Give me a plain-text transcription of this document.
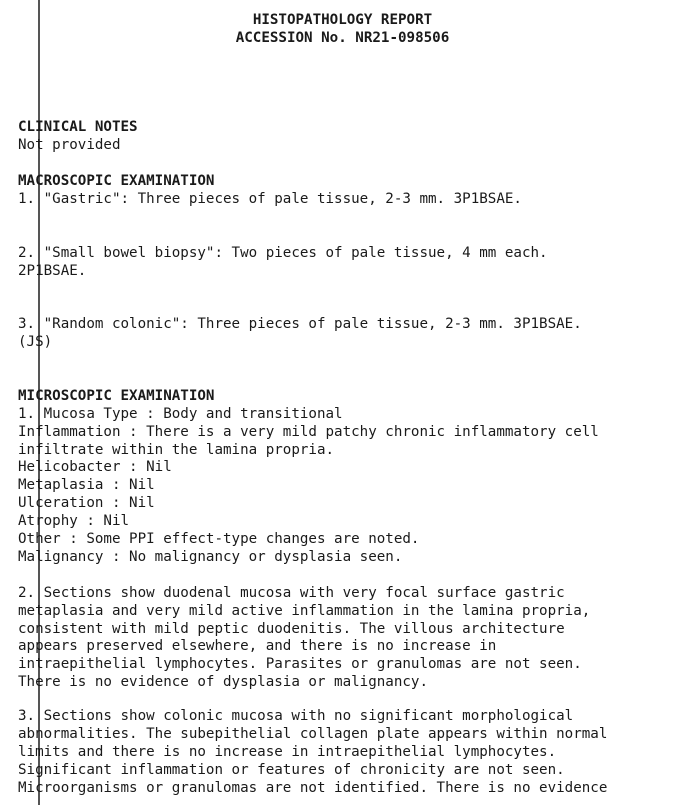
HISTOPATHOLOGY REPORT
ACCESSION No. NR21-098506
CLINICAL NOTES
Not provided
MACROSCOPIC EXAMINATION
1. "Gastric": Three pieces of pale tissue, 2-3 mm. 3P1BSAE.
2. "Small bowel biopsy": Two pieces of pale tissue, 4 mm each.
2P1BSAE.
3. "Random colonic": Three pieces of pale tissue, 2-3 mm. 3P1BSAE.
(JS)
MICROSCOPIC EXAMINATION
1. Mucosa Type : Body and transitional
Inflammation : There is a very mild patchy chronic inflammatory cell
infiltrate within the lamina propria.
Helicobacter : Nil
Metaplasia : Nil
Ulceration : Nil
Atrophy : Nil
Other : Some PPI effect-type changes are noted.
Malignancy : No malignancy or dysplasia seen.
2. Sections show duodenal mucosa with very focal surface gastric
metaplasia and very mild active inflammation in the lamina propria,
consistent with mild peptic duodenitis. The villous architecture
appears preserved elsewhere, and there is no increase in
intraepithelial lymphocytes. Parasites or granulomas are not seen.
There is no evidence of dysplasia or malignancy.
3. Sections show colonic mucosa with no significant morphological
abnormalities. The subepithelial collagen plate appears within normal
limits and there is no increase in intraepithelial lymphocytes.
Significant inflammation or features of chronicity are not seen.
Microorganisms or granulomas are not identified. There is no evidence
